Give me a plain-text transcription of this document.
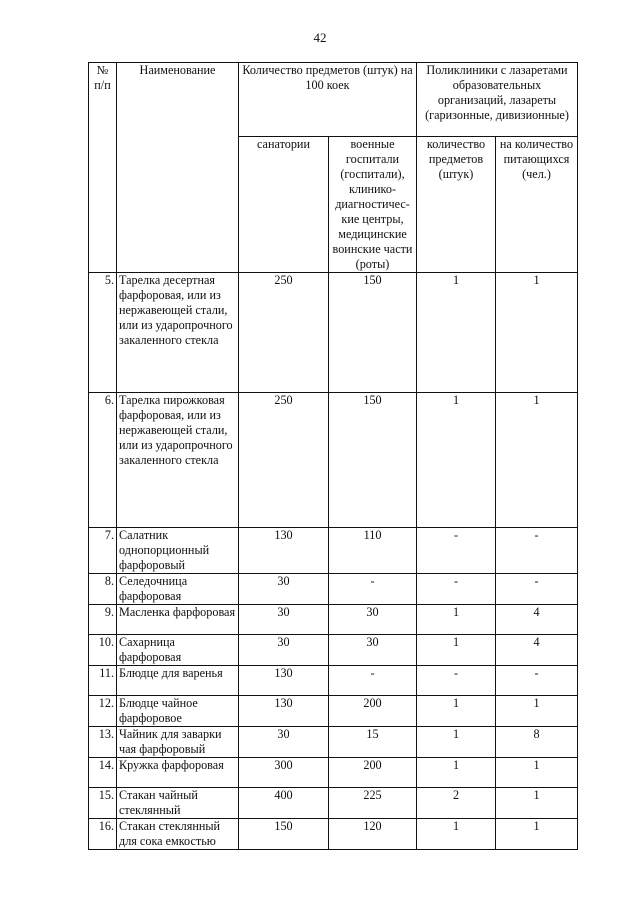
42
№ п/п	Наименование	Количество предметов (штук) на 100 коек		Поликлиники с лазаретами образовательных организаций, лазареты (гаризонные, дивизионные)	
		санатории	военные госпитали (госпитали), клинико-диагностичес-кие центры, медицинские воинские части (роты)	количество предметов (штук)	на количество питающихся (чел.)
5.	Тарелка десертная фарфоровая, или из нержавеющей стали, или из ударопрочного закаленного стекла	250	150	1	1
6.	Тарелка пирожковая фарфоровая, или из нержавеющей стали, или из ударопрочного закаленного стекла	250	150	1	1
7.	Салатник однопорционный фарфоровый	130	110	-	-
8.	Селедочница фарфоровая	30	-	-	-
9.	Масленка фарфоровая	30	30	1	4
10.	Сахарница фарфоровая	30	30	1	4
11.	Блюдце для варенья	130	-	-	-
12.	Блюдце чайное фарфоровое	130	200	1	1
13.	Чайник для заварки чая фарфоровый	30	15	1	8
14.	Кружка фарфоровая	300	200	1	1
15.	Стакан чайный стеклянный	400	225	2	1
16.	Стакан стеклянный для сока емкостью	150	120	1	1
